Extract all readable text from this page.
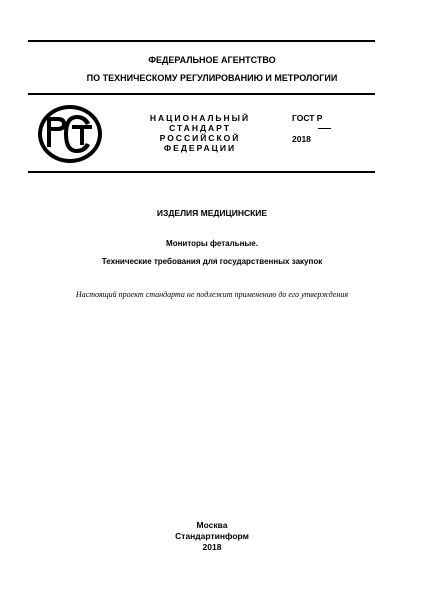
ФЕДЕРАЛЬНОЕ АГЕНТСТВО
ПО ТЕХНИЧЕСКОМУ РЕГУЛИРОВАНИЮ И МЕТРОЛОГИИ
НАЦИОНАЛЬНЫЙ
СТАНДАРТ
РОССИЙСКОЙ
ФЕДЕРАЦИИ
ГОСТ Р
2018
ИЗДЕЛИЯ МЕДИЦИНСКИЕ
Мониторы фетальные.
Технические требования для государственных закупок
Настоящий проект стандарта не подлежит применению до его утверждения
Москва
Стандартинформ
2018
